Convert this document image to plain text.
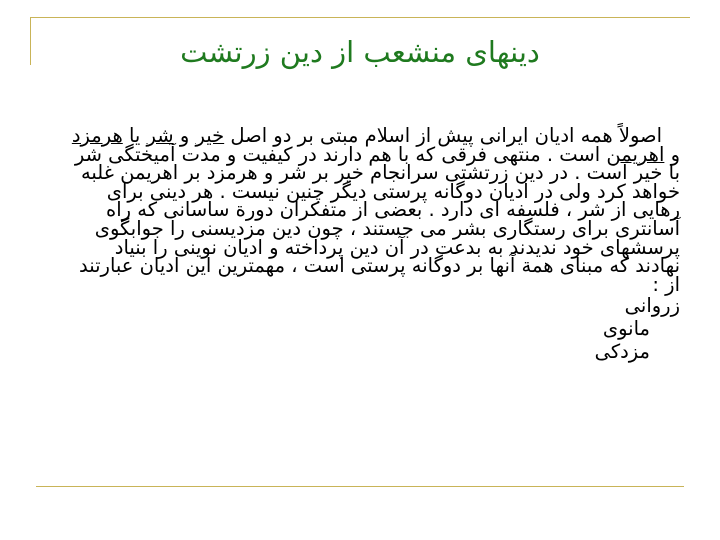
دینهای منشعب از دین زرتشت

اصولاً همه ادیان ایرانی پیش از اسلام مبتی بر دو اصل خیر و شر یا هرمزد و اهریمن است . منتهی فرقی که با هم دارند در کیفیت و مدت آمیختگی شر با خیر است . در دین زرتشتی سرانجام خیر بر شر و هرمزد بر اهریمن غلبه خواهد کرد ولی در ادیان دوگانه پرستی دیگر چنین نیست . هر دینی برای رهایی از شر ، فلسفه ای دارد . بعضی از متفکران دورة ساسانی که راه آسانتری برای رستگاری بشر می جستند ، چون دین مزدیسنی را جوابگوی پرسشهای خود ندیدند به بدعت در آن دین پرداخته و ادیان نوینی را بنیاد نهادند که مبنای همة آنها بر دوگانه پرستی است ، مهمترین این ادیان عبارتند از :

زروانی
مانوی
مزدکی
